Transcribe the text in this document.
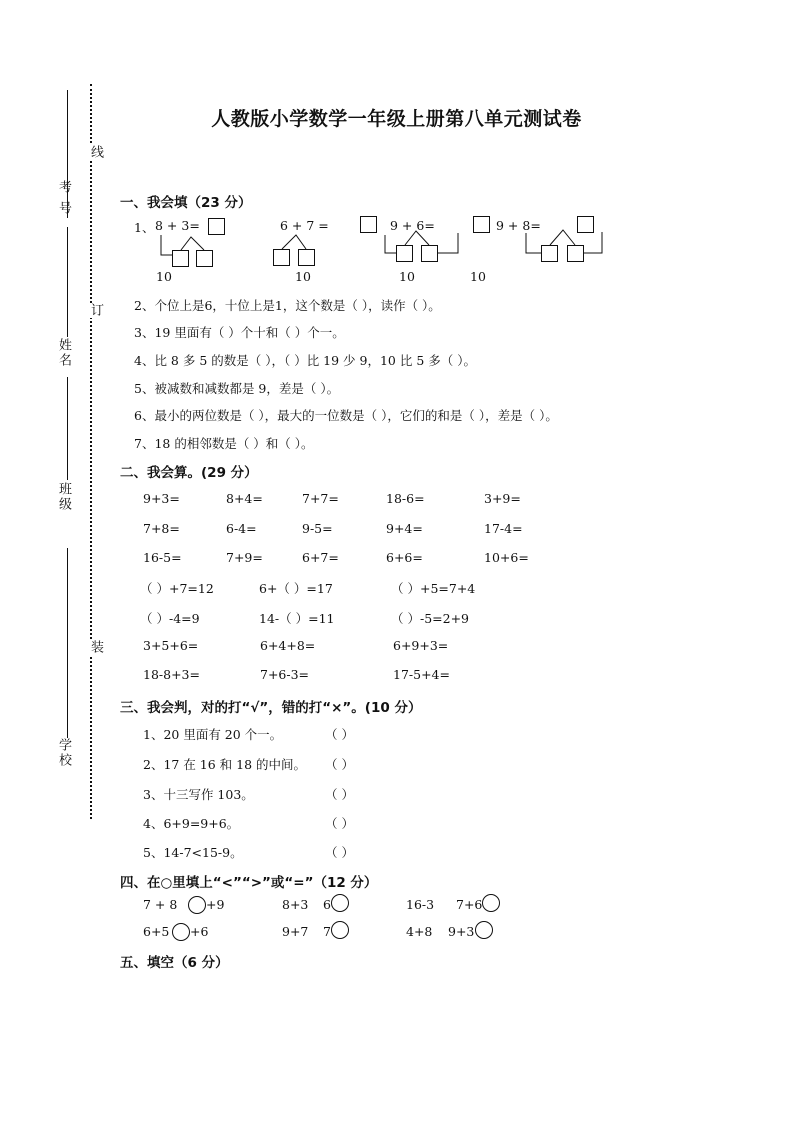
考 号
姓名
班级
学校
线
订
装
人教版小学数学一年级上册第八单元测试卷
一、我会填（23 分）
1、 8 + 3=	6 + 7 =	9 + 6=	9 + 8=
10	10	10	10
2、个位上是6，十位上是1，这个数是（ ），读作（ ）。
3、19 里面有（ ）个十和（ ）个一。
4、比 8 多 5 的数是（ ），（ ）比 19 少 9，10 比 5 多（ ）。
5、被减数和减数都是 9，差是（ ）。
6、最小的两位数是（ ），最大的一位数是（ ），它们的和是（ ），差是（ ）。
7、18 的相邻数是（ ）和（ ）。
二、我会算。(29 分）
9+3=	8+4=	7+7=	18-6=	3+9=
7+8=	6-4=	9-5=	9+4=	17-4=
16-5=	7+9=	6+7=	6+6=	10+6=
（ ）+7=12	6+（ ）=17	（ ）+5=7+4
（ ）-4=9	14-（ ）=11	（ ）-5=2+9
3+5+6=	6+4+8=	6+9+3=
18-8+3=	7+6-3=	17-5+4=
三、我会判，对的打“√”，错的打“×”。(10 分）
1、20 里面有 20 个一。	（ ）
2、17 在 16 和 18 的中间。 （ ）
3、十三写作 103。	（ ）
4、6+9=9+6。	（ ）
5、14-7<15-9。	（ ）
四、在○里填上“<”“>”或“=”（12 分）
7 + 8 +9	8+3 6	16-3 7+6
6+5 +6	9+7 7	4+8 9+3
五、填空（6 分）
